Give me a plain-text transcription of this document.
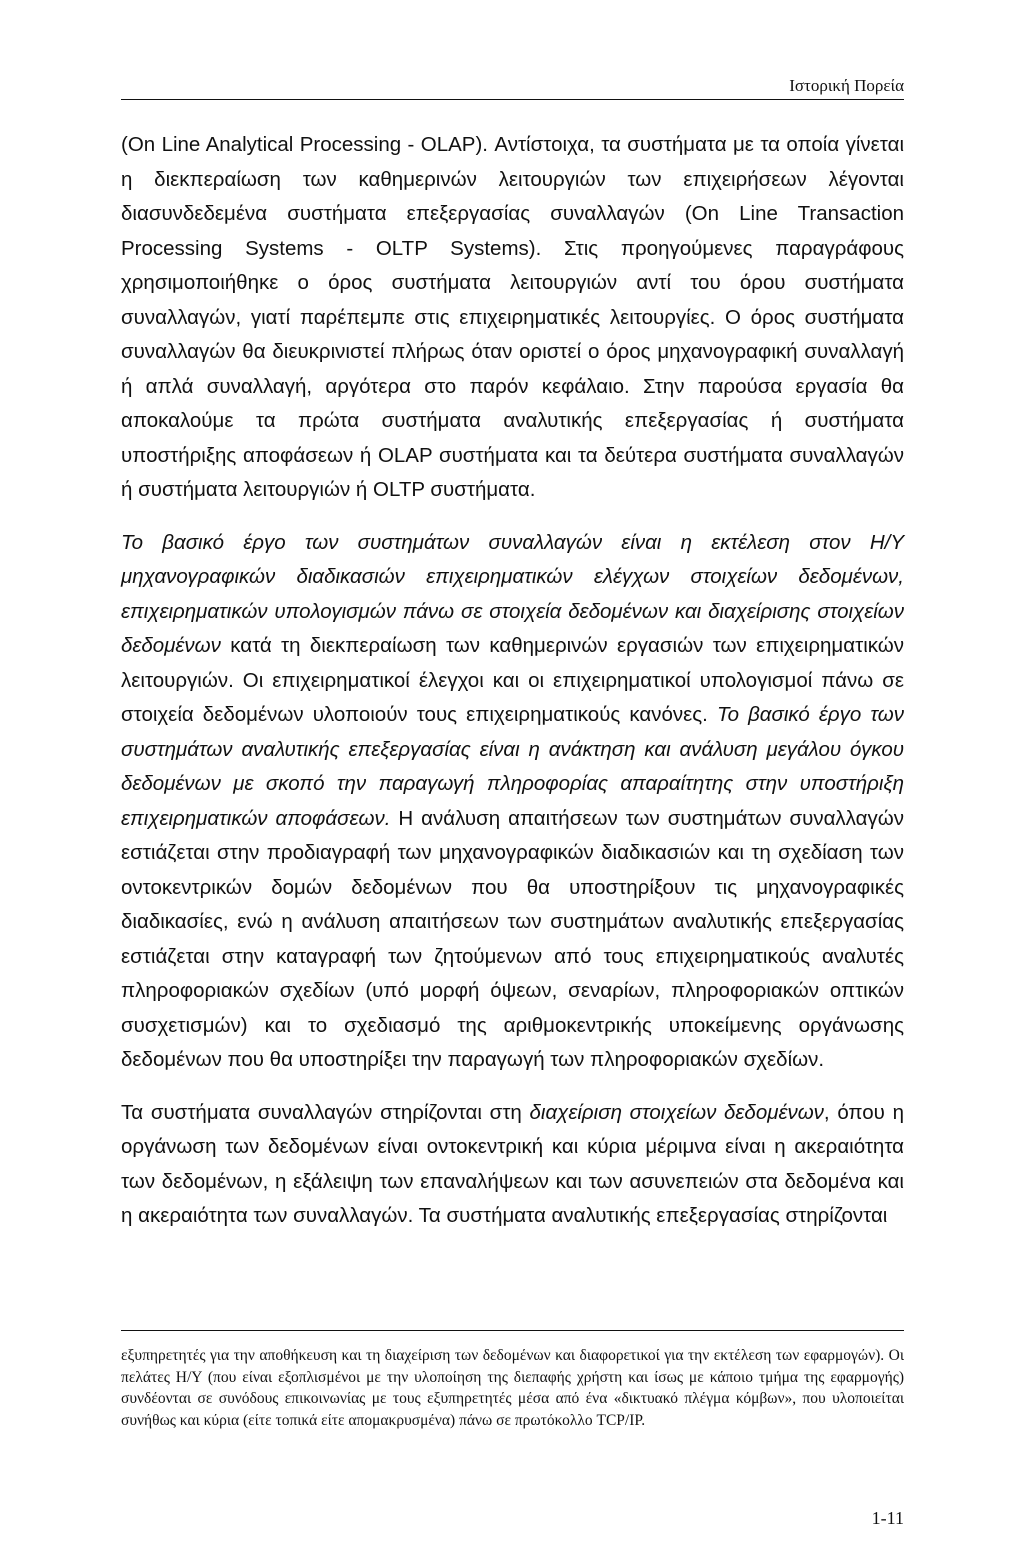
Ιστορική Πορεία

(On Line Analytical Processing - OLAP). Αντίστοιχα, τα συστήματα με τα οποία γίνεται η διεκπεραίωση των καθημερινών λειτουργιών των επιχειρήσεων λέγονται διασυνδεδεμένα συστήματα επεξεργασίας συναλλαγών (On Line Transaction Processing Systems - OLTP Systems). Στις προηγούμενες παραγράφους χρησιμοποιήθηκε ο όρος συστήματα λειτουργιών αντί του όρου συστήματα συναλλαγών, γιατί παρέπεμπε στις επιχειρηματικές λειτουργίες. Ο όρος συστήματα συναλλαγών θα διευκρινιστεί πλήρως όταν οριστεί ο όρος μηχανογραφική συναλλαγή ή απλά συναλλαγή, αργότερα στο παρόν κεφάλαιο. Στην παρούσα εργασία θα αποκαλούμε τα πρώτα συστήματα αναλυτικής επεξεργασίας ή συστήματα υποστήριξης αποφάσεων ή OLAP συστήματα και τα δεύτερα συστήματα συναλλαγών ή συστήματα λειτουργιών ή OLTP συστήματα.

Το βασικό έργο των συστημάτων συναλλαγών είναι η εκτέλεση στον Η/Υ μηχανογραφικών διαδικασιών επιχειρηματικών ελέγχων στοιχείων δεδομένων, επιχειρηματικών υπολογισμών πάνω σε στοιχεία δεδομένων και διαχείρισης στοιχείων δεδομένων κατά τη διεκπεραίωση των καθημερινών εργασιών των επιχειρηματικών λειτουργιών. Οι επιχειρηματικοί έλεγχοι και οι επιχειρηματικοί υπολογισμοί πάνω σε στοιχεία δεδομένων υλοποιούν τους επιχειρηματικούς κανόνες. Το βασικό έργο των συστημάτων αναλυτικής επεξεργασίας είναι η ανάκτηση και ανάλυση μεγάλου όγκου δεδομένων με σκοπό την παραγωγή πληροφορίας απαραίτητης στην υποστήριξη επιχειρηματικών αποφάσεων. Η ανάλυση απαιτήσεων των συστημάτων συναλλαγών εστιάζεται στην προδιαγραφή των μηχανογραφικών διαδικασιών και τη σχεδίαση των οντοκεντρικών δομών δεδομένων που θα υποστηρίξουν τις μηχανογραφικές διαδικασίες, ενώ η ανάλυση απαιτήσεων των συστημάτων αναλυτικής επεξεργασίας εστιάζεται στην καταγραφή των ζητούμενων από τους επιχειρηματικούς αναλυτές πληροφοριακών σχεδίων (υπό μορφή όψεων, σεναρίων, πληροφοριακών οπτικών συσχετισμών) και το σχεδιασμό της αριθμοκεντρικής υποκείμενης οργάνωσης δεδομένων που θα υποστηρίξει την παραγωγή των πληροφοριακών σχεδίων.

Τα συστήματα συναλλαγών στηρίζονται στη διαχείριση στοιχείων δεδομένων, όπου η οργάνωση των δεδομένων είναι οντοκεντρική και κύρια μέριμνα είναι η ακεραιότητα των δεδομένων, η εξάλειψη των επαναλήψεων και των ασυνεπειών στα δεδομένα και η ακεραιότητα των συναλλαγών. Τα συστήματα αναλυτικής επεξεργασίας στηρίζονται

εξυπηρετητές για την αποθήκευση και τη διαχείριση των δεδομένων και διαφορετικοί για την εκτέλεση των εφαρμογών). Οι πελάτες Η/Υ (που είναι εξοπλισμένοι με την υλοποίηση της διεπαφής χρήστη και ίσως με κάποιο τμήμα της εφαρμογής) συνδέονται σε συνόδους επικοινωνίας με τους εξυπηρετητές μέσα από ένα «δικτυακό πλέγμα κόμβων», που υλοποιείται συνήθως και κύρια (είτε τοπικά είτε απομακρυσμένα) πάνω σε πρωτόκολλο TCP/IP.
1-11
